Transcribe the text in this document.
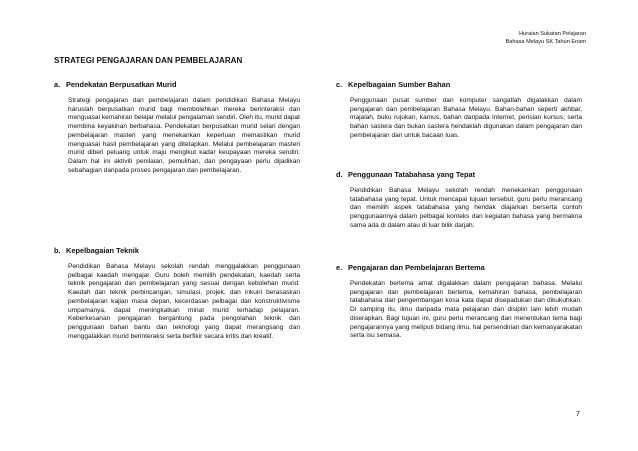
Huraian Sukatan Pelajaran
Bahasa Melayu SK Tahun Enam
STRATEGI PENGAJARAN DAN PEMBELAJARAN

a. Pendekatan Berpusatkan Murid

Strategi pengajaran dan pembelajaran dalam pendidikan Bahasa Melayu haruslah berpusatkan murid bagi membolehkan mereka berinteraksi dan menguasai kemahiran belajar melalui pengalaman sendiri. Oleh itu, murid dapat membina keyakinan berbahasa. Pendekatan berpusatkan murid selari dengan pembelajaran masteri yang menekankan keperluan memastikan murid menguasai hasil pembelajaran yang ditetapkan. Melalui pembelajaran masteri murid diberi peluang untuk maju mengikut kadar keupayaan mereka sendiri. Dalam hal ini aktiviti penilaian, pemulihan, dan pengayaan perlu dijadikan sebahagian daripada proses pengajaran dan pembelajaran.

b. Kepelbagaian Teknik

Pendidikan Bahasa Melayu sekolah rendah menggalakkan penggunaan pelbagai kaedah mengajar. Guru boleh memilih pendekatan, kaedah serta teknik pengajaran dan pembelajaran yang sesuai dengan kebolehan murid. Kaedah dan teknik perbincangan, simulasi, projek, dan inkuiri berasaskan pembelajaran kajian masa depan, kecerdasan pelbagai dan konstruktivisme umpamanya, dapat meningkatkan minat murid terhadap pelajaran. Keberkesanan pengajaran bergantung pada pengolahan teknik dan penggunaan bahan bantu dan teknologi yang dapat merangsang dan menggalakkan murid berinteraksi serta berfikir secara kritis dan kreatif.

c. Kepelbagaian Sumber Bahan

Penggunaan pusat sumber dan komputer sangatlah digalakkan dalam pengajaran dan pembelajaran Bahasa Melayu. Bahan-bahan seperti akhbar, majalah, buku rujukan, kamus, bahan daripada internet, perisian kursus, serta bahan sastera dan bukan sastera hendaklah digunakan dalam pengajaran dan pembelajaran dan untuk bacaan luas.

d. Penggunaan Tatabahasa yang Tepat

Pendidikan Bahasa Melayu sekolah rendah menekankan penggunaan tatabahasa yang tepat. Untuk mencapai tujuan tersebut, guru perlu merancang dan memilih aspek tatabahasa yang hendak diajarkan berserta contoh penggunaannya dalam pelbagai konteks dan kegiatan bahasa yang bermakna sama ada di dalam atau di luar bilik darjah.

e. Pengajaran dan Pembelajaran Bertema

Pendekatan bertema amat digalakkan dalam pengajaran bahasa. Melalui pengajaran dan pembelajaran bertema, kemahiran bahasa, pembelajaran tatabahasa dan pengembangan kosa kata dapat disepadukan dan dikukuhkan. Di samping itu, ilmu daripada mata pelajaran dan disiplin lain lebih mudah diserapkan. Bagi tujuan ini, guru perlu merancang dan menentukan tema bagi pengajarannya yang meliputi bidang ilmu, hal persendirian dan kemasyarakatan serta isu semasa.

7
